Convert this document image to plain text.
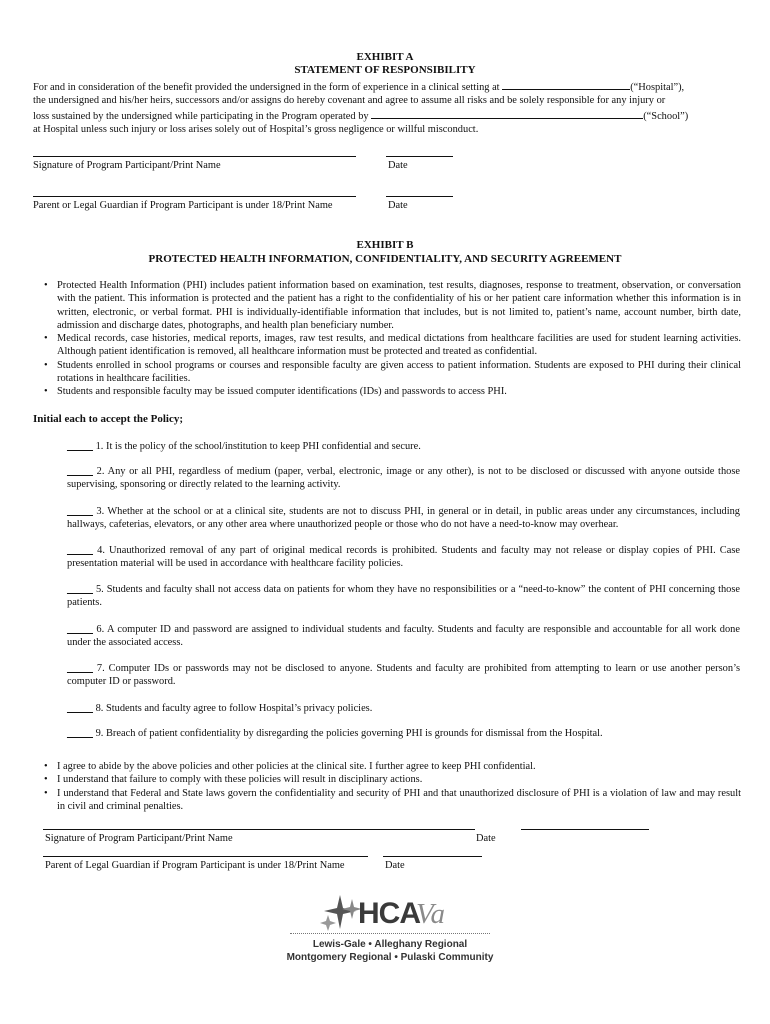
EXHIBIT A
STATEMENT OF RESPONSIBILITY
For and in consideration of the benefit provided the undersigned in the form of experience in a clinical setting at	(“Hospital”),
the undersigned and his/her heirs, successors and/or assigns do hereby covenant and agree to assume all risks and be solely responsible for any injury or
loss sustained by the undersigned while participating in the Program operated by	(“School”)
at Hospital unless such injury or loss arises solely out of Hospital’s gross negligence or willful misconduct.
Signature of Program Participant/Print Name	Date
Parent or Legal Guardian if Program Participant is under 18/Print Name	Date
EXHIBIT B
PROTECTED HEALTH INFORMATION, CONFIDENTIALITY, AND SECURITY AGREEMENT
• Protected Health Information (PHI) includes patient information based on examination, test results, diagnoses, response to treatment, observation, or conversation with the patient. This information is protected and the patient has a right to the confidentiality of his or her patient care information whether this information is in written, electronic, or verbal format. PHI is individually-identifiable information that includes, but is not limited to, patient’s name, account number, birth date, admission and discharge dates, photographs, and health plan beneficiary number.
• Medical records, case histories, medical reports, images, raw test results, and medical dictations from healthcare facilities are used for student learning activities. Although patient identification is removed, all healthcare information must be protected and treated as confidential.
• Students enrolled in school programs or courses and responsible faculty are given access to patient information. Students are exposed to PHI during their clinical rotations in healthcare facilities.
• Students and responsible faculty may be issued computer identifications (IDs) and passwords to access PHI.
Initial each to accept the Policy;
_____ 1. It is the policy of the school/institution to keep PHI confidential and secure.
_____ 2. Any or all PHI, regardless of medium (paper, verbal, electronic, image or any other), is not to be disclosed or discussed with anyone outside those supervising, sponsoring or directly related to the learning activity.
_____ 3. Whether at the school or at a clinical site, students are not to discuss PHI, in general or in detail, in public areas under any circumstances, including hallways, cafeterias, elevators, or any other area where unauthorized people or those who do not have a need-to-know may overhear.
_____ 4. Unauthorized removal of any part of original medical records is prohibited. Students and faculty may not release or display copies of PHI. Case presentation material will be used in accordance with healthcare facility policies.
_____ 5. Students and faculty shall not access data on patients for whom they have no responsibilities or a “need-to-know” the content of PHI concerning those patients.
_____ 6. A computer ID and password are assigned to individual students and faculty. Students and faculty are responsible and accountable for all work done under the associated access.
_____ 7. Computer IDs or passwords may not be disclosed to anyone. Students and faculty are prohibited from attempting to learn or use another person’s computer ID or password.
_____ 8. Students and faculty agree to follow Hospital’s privacy policies.
_____ 9. Breach of patient confidentiality by disregarding the policies governing PHI is grounds for dismissal from the Hospital.
• I agree to abide by the above policies and other policies at the clinical site. I further agree to keep PHI confidential.
• I understand that failure to comply with these policies will result in disciplinary actions.
• I understand that Federal and State laws govern the confidentiality and security of PHI and that unauthorized disclosure of PHI is a violation of law and may result in civil and criminal penalties.
Signature of Program Participant/Print Name	Date
Parent of Legal Guardian if Program Participant is under 18/Print Name	Date
HCA
Va
Lewis-Gale • Alleghany Regional
Montgomery Regional • Pulaski Community
